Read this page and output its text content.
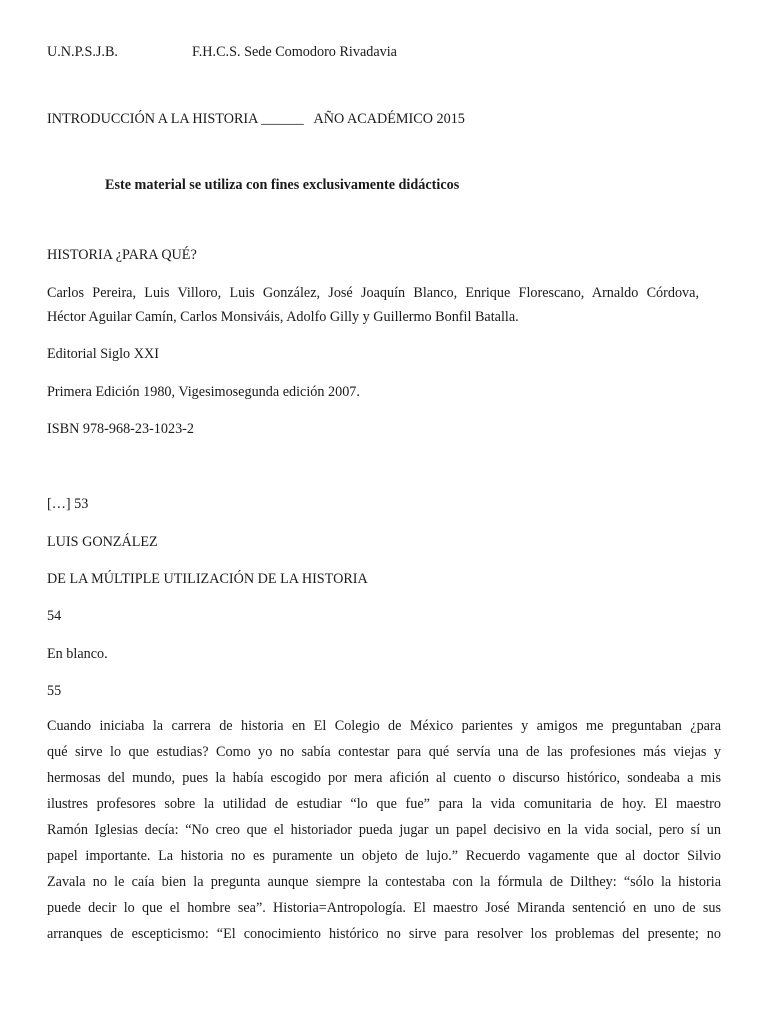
U.N.P.S.J.B.	F.H.C.S. Sede Comodoro Rivadavia
INTRODUCCIÓN A LA HISTORIA ______   AÑO ACADÉMICO 2015
Este material se utiliza con fines exclusivamente didácticos
HISTORIA ¿PARA QUÉ?
Carlos Pereira, Luis Villoro, Luis González, José Joaquín Blanco, Enrique Florescano, Arnaldo Córdova,
Héctor Aguilar Camín, Carlos Monsiváis, Adolfo Gilly y Guillermo Bonfil Batalla.
Editorial Siglo XXI
Primera Edición 1980, Vigesimosegunda edición 2007.
ISBN 978-968-23-1023-2
[…] 53
LUIS GONZÁLEZ
DE LA MÚLTIPLE UTILIZACIÓN DE LA HISTORIA
54
En blanco.
55
Cuando iniciaba la carrera de historia en El Colegio de México parientes y amigos me preguntaban ¿para
qué sirve lo que estudias? Como yo no sabía contestar para qué servía una de las profesiones más viejas y
hermosas del mundo, pues la había escogido por mera afición al cuento o discurso histórico, sondeaba a mis
ilustres profesores sobre la utilidad de estudiar “lo que fue” para la vida comunitaria de hoy. El maestro
Ramón Iglesias decía: “No creo que el historiador pueda jugar un papel decisivo en la vida social, pero sí un
papel importante. La historia no es puramente un objeto de lujo.” Recuerdo vagamente que al doctor Silvio
Zavala no le caía bien la pregunta aunque siempre la contestaba con la fórmula de Dilthey: “sólo la historia
puede decir lo que el hombre sea”. Historia=Antropología. El maestro José Miranda sentenció en uno de sus
arranques de escepticismo: “El conocimiento histórico no sirve para resolver los problemas del presente; no
